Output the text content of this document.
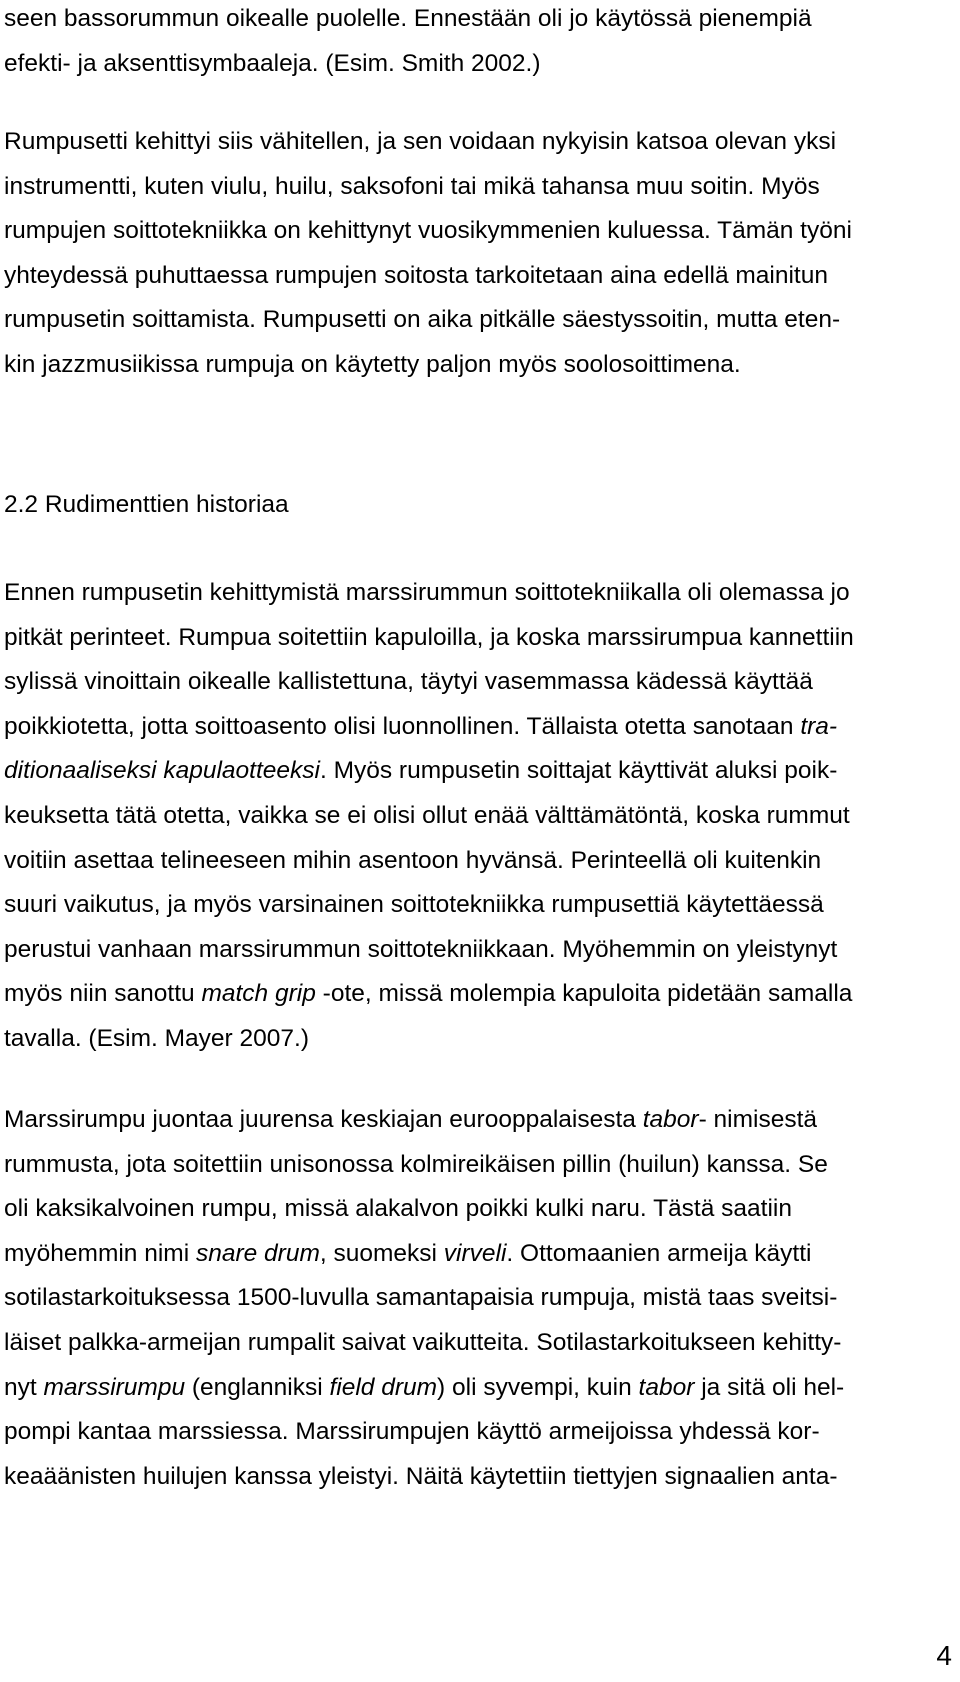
seen bassorummun oikealle puolelle. Ennestään oli jo käytössä pienempiä
efekti- ja aksenttisymbaaleja. (Esim. Smith 2002.)
Rumpusetti kehittyi siis vähitellen, ja sen voidaan nykyisin katsoa olevan yksi
instrumentti, kuten viulu, huilu, saksofoni tai mikä tahansa muu soitin. Myös
rumpujen soittotekniikka on kehittynyt vuosikymmenien kuluessa. Tämän työni
yhteydessä puhuttaessa rumpujen soitosta tarkoitetaan aina edellä mainitun
rumpusetin soittamista. Rumpusetti on aika pitkälle säestyssoitin, mutta eten-
kin jazzmusiikissa rumpuja on käytetty paljon myös soolosoittimena.
2.2 Rudimenttien historiaa
Ennen rumpusetin kehittymistä marssirummun soittotekniikalla oli olemassa jo
pitkät perinteet. Rumpua soitettiin kapuloilla, ja koska marssirumpua kannettiin
sylissä vinoittain oikealle kallistettuna, täytyi vasemmassa kädessä käyttää
poikkiotetta, jotta soittoasento olisi luonnollinen. Tällaista otetta sanotaan tra-
ditionaaliseksi kapulaotteeksi. Myös rumpusetin soittajat käyttivät aluksi poik-
keuksetta tätä otetta, vaikka se ei olisi ollut enää välttämätöntä, koska rummut
voitiin asettaa telineeseen mihin asentoon hyvänsä. Perinteellä oli kuitenkin
suuri vaikutus, ja myös varsinainen soittotekniikka rumpusettiä käytettäessä
perustui vanhaan marssirummun soittotekniikkaan. Myöhemmin on yleistynyt
myös niin sanottu match grip -ote, missä molempia kapuloita pidetään samalla
tavalla. (Esim. Mayer 2007.)
Marssirumpu juontaa juurensa keskiajan eurooppalaisesta tabor- nimisestä
rummusta, jota soitettiin unisonossa kolmireikäisen pillin (huilun) kanssa. Se
oli kaksikalvoinen rumpu, missä alakalvon poikki kulki naru. Tästä saatiin
myöhemmin nimi snare drum, suomeksi virveli. Ottomaanien armeija käytti
sotilastarkoituksessa 1500-luvulla samantapaisia rumpuja, mistä taas sveitsi-
läiset palkka-armeijan rumpalit saivat vaikutteita. Sotilastarkoitukseen kehitty-
nyt marssirumpu (englanniksi field drum) oli syvempi, kuin tabor ja sitä oli hel-
pompi kantaa marssiessa. Marssirumpujen käyttö armeijoissa yhdessä kor-
keaäänisten huilujen kanssa yleistyi. Näitä käytettiin tiettyjen signaalien anta-
4
